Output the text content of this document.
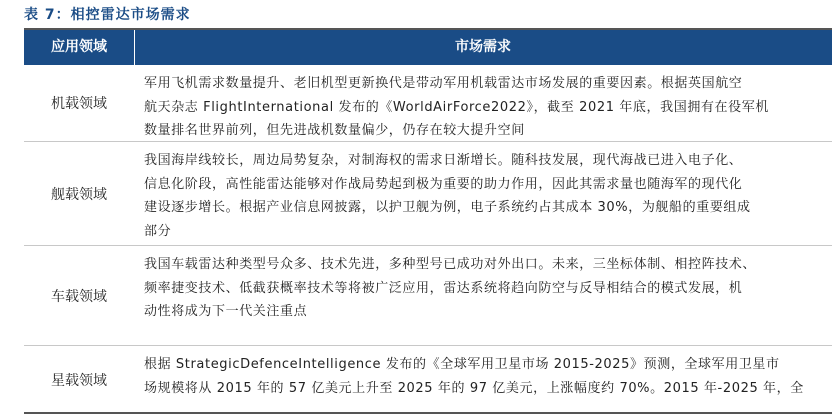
表 7：相控雷达市场需求
应用领域	市场需求
机载领域
军用飞机需求数量提升、老旧机型更新换代是带动军用机载雷达市场发展的重要因素。根据英国航空
航天杂志 FlightInternational 发布的《WorldAirForce2022》，截至 2021 年底，我国拥有在役军机
数量排名世界前列，但先进战机数量偏少，仍存在较大提升空间
舰载领域
我国海岸线较长，周边局势复杂，对制海权的需求日渐增长。随科技发展，现代海战已进入电子化、
信息化阶段，高性能雷达能够对作战局势起到极为重要的助力作用，因此其需求量也随海军的现代化
建设逐步增长。根据产业信息网披露，以护卫舰为例，电子系统约占其成本 30%，为舰船的重要组成
部分
车载领域
我国车载雷达种类型号众多、技术先进，多种型号已成功对外出口。未来，三坐标体制、相控阵技术、
频率捷变技术、低截获概率技术等将被广泛应用，雷达系统将趋向防空与反导相结合的模式发展，机
动性将成为下一代关注重点
星载领域
根据 StrategicDefenceIntelligence 发布的《全球军用卫星市场 2015-2025》预测，全球军用卫星市
场规模将从 2015 年的 57 亿美元上升至 2025 年的 97 亿美元，上涨幅度约 70%。2015 年-2025 年，全
